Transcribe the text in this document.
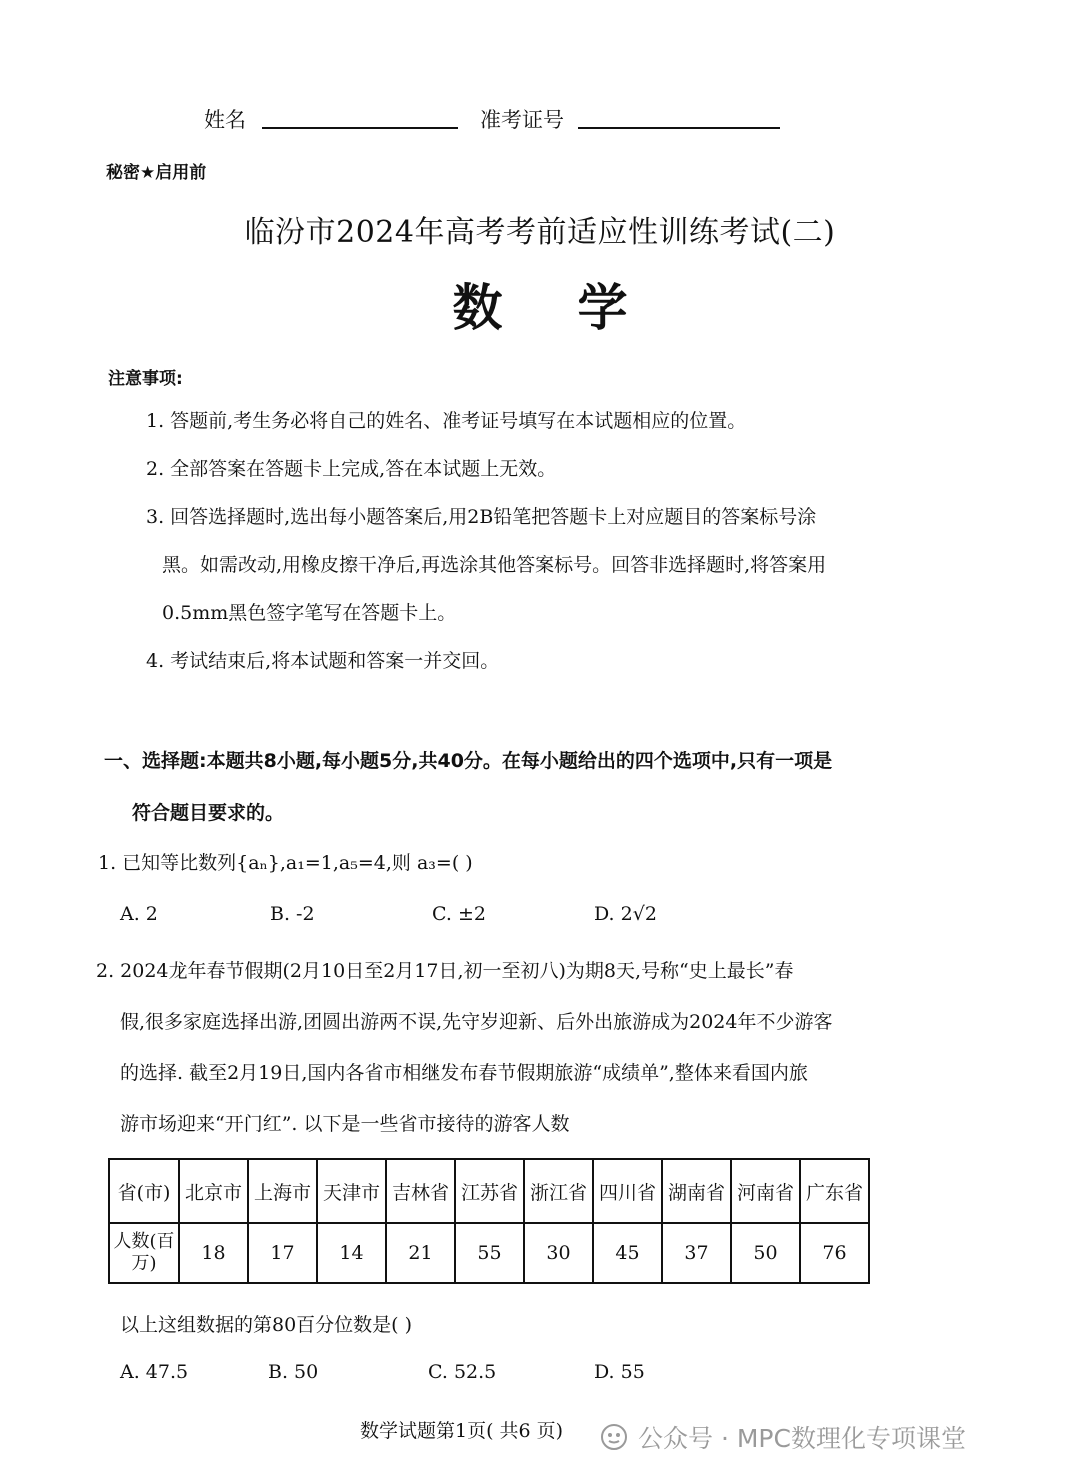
姓名	准考证号
秘密★启用前
临汾市2024年高考考前适应性训练考试(二)
数学
注意事项:
1. 答题前,考生务必将自己的姓名、准考证号填写在本试题相应的位置。
2. 全部答案在答题卡上完成,答在本试题上无效。
3. 回答选择题时,选出每小题答案后,用2B铅笔把答题卡上对应题目的答案标号涂
黑。如需改动,用橡皮擦干净后,再选涂其他答案标号。回答非选择题时,将答案用
0.5mm黑色签字笔写在答题卡上。
4. 考试结束后,将本试题和答案一并交回。
一、选择题:本题共8小题,每小题5分,共40分。在每小题给出的四个选项中,只有一项是
符合题目要求的。
1. 已知等比数列{aₙ},a₁=1,a₅=4,则 a₃=( )
A. 2	B. -2	C. ±2	D. 2√2
2. 2024龙年春节假期(2月10日至2月17日,初一至初八)为期8天,号称“史上最长”春
假,很多家庭选择出游,团圆出游两不误,先守岁迎新、后外出旅游成为2024年不少游客
的选择. 截至2月19日,国内各省市相继发布春节假期旅游“成绩单”,整体来看国内旅
游市场迎来“开门红”. 以下是一些省市接待的游客人数
省(市)	北京市	上海市	天津市	吉林省	江苏省	浙江省	四川省	湖南省	河南省	广东省
人数(百万)	18	17	14	21	55	30	45	37	50	76
以上这组数据的第80百分位数是( )
A. 47.5	B. 50	C. 52.5	D. 55
数学试题第1页( 共6 页)	公众号 · MPC数理化专项课堂
